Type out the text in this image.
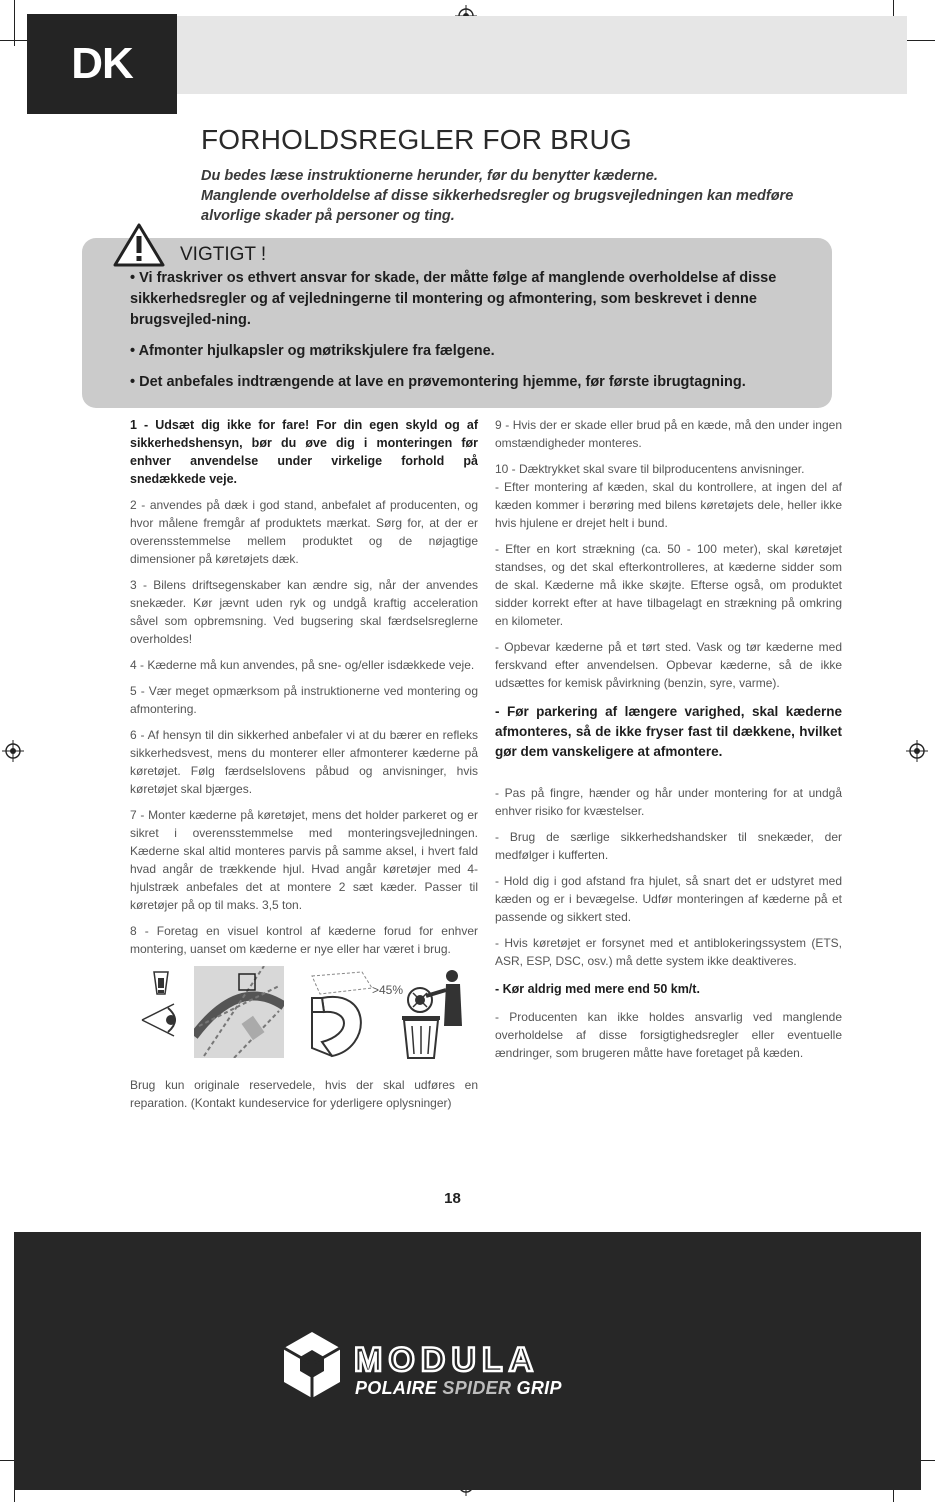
DK
FORHOLDSREGLER FOR BRUG
Du bedes læse instruktionerne herunder, før du benytter kæderne.
Manglende overholdelse af disse sikkerhedsregler og brugsvejledningen kan medføre alvorlige skader på personer og ting.
VIGTIGT !

• Vi fraskriver os ethvert ansvar for skade, der måtte følge af manglende overholdelse af disse sikkerhedsregler og af vejledningerne til montering og afmontering, som beskrevet i denne brugsvejled-ning.

• Afmonter hjulkapsler og møtrikskjulere fra fælgene.

• Det anbefales indtrængende at lave en prøvemontering hjemme, før første ibrugtagning.

1 - Udsæt dig ikke for fare! For din egen skyld og af sikkerhedshensyn, bør du øve dig i monteringen før enhver anvendelse under virkelige forhold på snedækkede veje.

2 - anvendes på dæk i god stand, anbefalet af producenten, og hvor målene fremgår af produktets mærkat. Sørg for, at der er overensstemmelse mellem produktet og de nøjagtige dimensioner på køretøjets dæk.

3 - Bilens driftsegenskaber kan ændre sig, når der anvendes snekæder. Kør jævnt uden ryk og undgå kraftig acceleration såvel som opbremsning. Ved bugsering skal færdselsreglerne overholdes!

4 - Kæderne må kun anvendes, på sne- og/eller isdækkede veje.

5 - Vær meget opmærksom på instruktionerne ved montering og afmontering.

6 - Af hensyn til din sikkerhed anbefaler vi at du bærer en refleks sikkerhedsvest, mens du monterer eller afmonterer kæderne på køretøjet. Følg færdselslovens påbud og anvisninger, hvis køretøjet skal bjærges.

7 - Monter kæderne på køretøjet, mens det holder parkeret og er sikret i overensstemmelse med monteringsvejledningen. Kæderne skal altid monteres parvis på samme aksel, i hvert fald hvad angår de trækkende hjul. Hvad angår køretøjer med 4-hjulstræk anbefales det at montere 2 sæt kæder. Passer til køretøjer på op til maks. 3,5 ton.

8 - Foretag en visuel kontrol af kæderne forud for enhver montering, uanset om kæderne er nye eller har været i brug.

>45%

Brug kun originale reservedele, hvis der skal udføres en reparation. (Kontakt kundeservice for yderligere oplysninger)

9 - Hvis der er skade eller brud på en kæde, må den under ingen omstændigheder monteres.

10 - Dæktrykket skal svare til bilproducentens anvisninger.

- Efter montering af kæden, skal du kontrollere, at ingen del af kæden kommer i berøring med bilens køretøjets dele, heller ikke hvis hjulene er drejet helt i bund.

- Efter en kort strækning (ca. 50 - 100 meter), skal køretøjet standses, og det skal efterkontrolleres, at kæderne sidder som de skal. Kæderne må ikke skøjte. Efterse også, om produktet sidder korrekt efter at have tilbagelagt en strækning på omkring en kilometer.

- Opbevar kæderne på et tørt sted. Vask og tør kæderne med ferskvand efter anvendelsen. Opbevar kæderne, så de ikke udsættes for kemisk påvirkning (benzin, syre, varme).

- Før parkering af længere varighed, skal kæderne afmonteres, så de ikke fryser fast til dækkene, hvilket gør dem vanskeligere at afmontere.

- Pas på fingre, hænder og hår under montering for at undgå enhver risiko for kvæstelser.

- Brug de særlige sikkerhedshandsker til snekæder, der medfølger i kufferten.

- Hold dig i god afstand fra hjulet, så snart det er udstyret med kæden og er i bevægelse. Udfør monteringen af kæderne på et passende og sikkert sted.

- Hvis køretøjet er forsynet med et antiblokeringssystem (ETS, ASR, ESP, DSC, osv.) må dette system ikke deaktiveres.

- Kør aldrig med mere end 50 km/t.

- Producenten kan ikke holdes ansvarlig ved manglende overholdelse af disse forsigtighedsregler eller eventuelle ændringer, som brugeren måtte have foretaget på kæden.

18
MODULA
POLAIRE SPIDER GRIP
